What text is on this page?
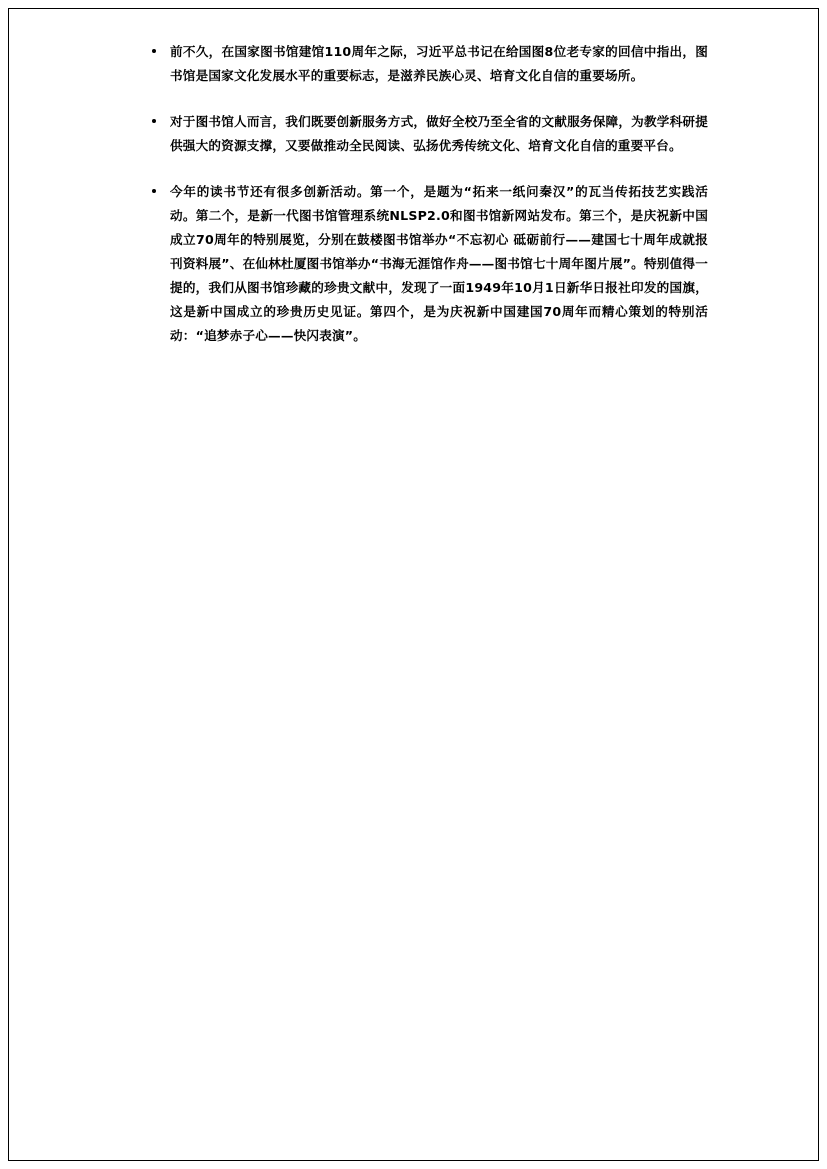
前不久，在国家图书馆建馆110周年之际，习近平总书记在给国图8位老专家的回信中指出，图书馆是国家文化发展水平的重要标志，是滋养民族心灵、培育文化自信的重要场所。

对于图书馆人而言，我们既要创新服务方式，做好全校乃至全省的文献服务保障，为教学科研提供强大的资源支撑，又要做推动全民阅读、弘扬优秀传统文化、培育文化自信的重要平台。

今年的读书节还有很多创新活动。第一个，是题为“拓来一纸问秦汉”的瓦当传拓技艺实践活动。第二个，是新一代图书馆管理系统NLSP2.0和图书馆新网站发布。第三个，是庆祝新中国成立70周年的特别展览，分别在鼓楼图书馆举办“不忘初心 砥砺前行——建国七十周年成就报刊资料展”、在仙林杜厦图书馆举办“书海无涯馆作舟——图书馆七十周年图片展”。特别值得一提的，我们从图书馆珍藏的珍贵文献中，发现了一面1949年10月1日新华日报社印发的国旗，这是新中国成立的珍贵历史见证。第四个，是为庆祝新中国建国70周年而精心策划的特别活动：“追梦赤子心——快闪表演”。
